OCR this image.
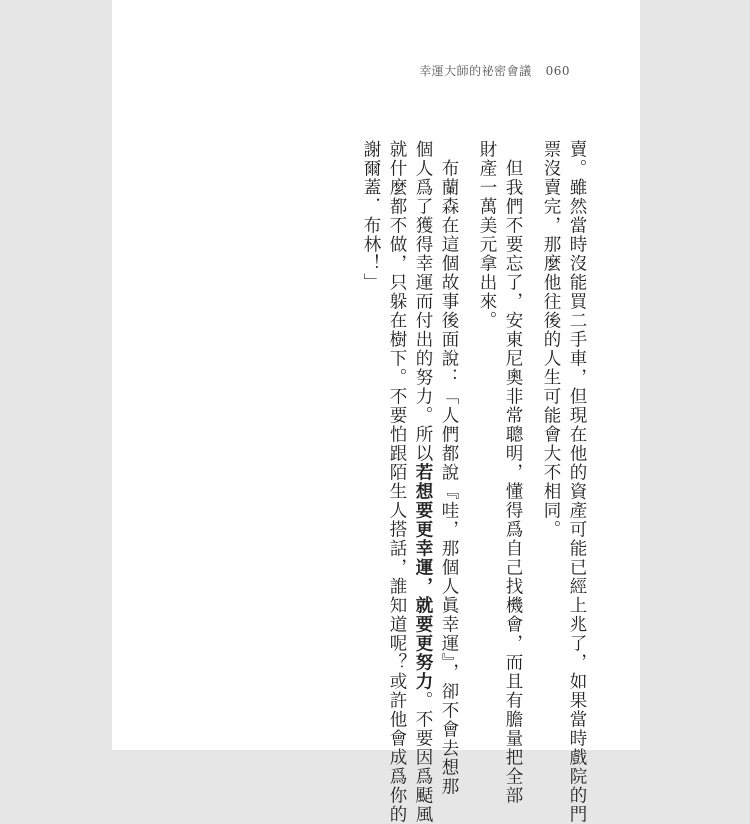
幸運大師的祕密會議 060
賣。雖然當時沒能買二手車，但現在他的資產可能已經上兆了，如果當時戲院的門
票沒賣完，那麼他往後的人生可能會大不相同。
　但我們不要忘了，安東尼奧非常聰明，懂得爲自己找機會，而且有膽量把全部
財產一萬美元拿出來。
　布蘭森在這個故事後面說：「人們都說『哇，那個人眞幸運』，卻不會去想那
個人爲了獲得幸運而付出的努力。所以若想要更幸運，就要更努力。不要因爲颳風
就什麼都不做，只躲在樹下。不要怕跟陌生人搭話，誰知道呢？或許他會成爲你的
謝爾蓋．布林！」
